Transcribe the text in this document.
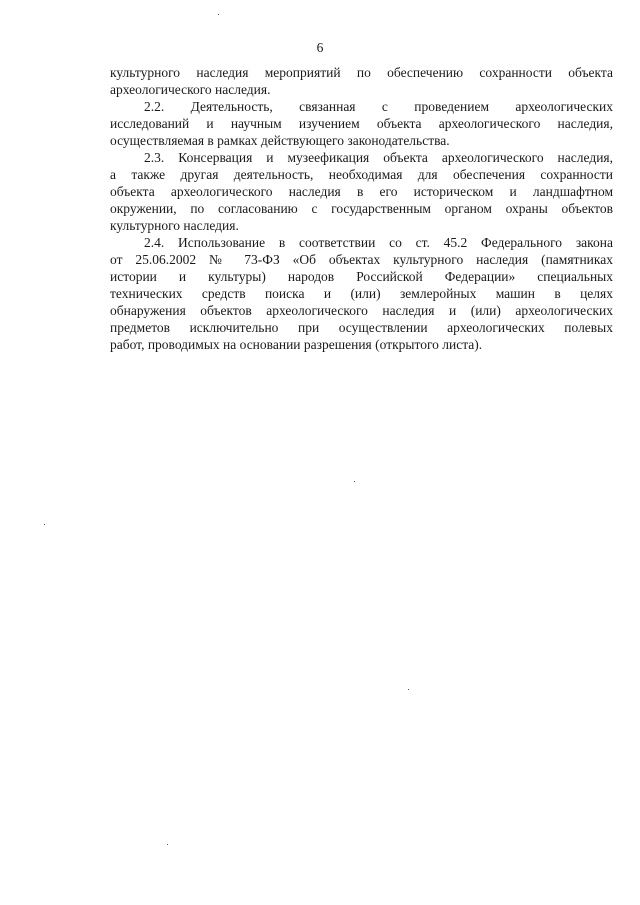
6
культурного наследия мероприятий по обеспечению сохранности объекта
археологического наследия.
2.2. Деятельность, связанная с проведением археологических
исследований и научным изучением объекта археологического наследия,
осуществляемая в рамках действующего законодательства.
2.3. Консервация и музеефикация объекта археологического наследия,
а также другая деятельность, необходимая для обеспечения сохранности
объекта археологического наследия в его историческом и ландшафтном
окружении, по согласованию с государственным органом охраны объектов
культурного наследия.
2.4. Использование в соответствии со ст. 45.2 Федерального закона
от 25.06.2002 № 73-ФЗ «Об объектах культурного наследия (памятниках
истории и культуры) народов Российской Федерации» специальных
технических средств поиска и (или) землеройных машин в целях
обнаружения объектов археологического наследия и (или) археологических
предметов исключительно при осуществлении археологических полевых
работ, проводимых на основании разрешения (открытого листа).
